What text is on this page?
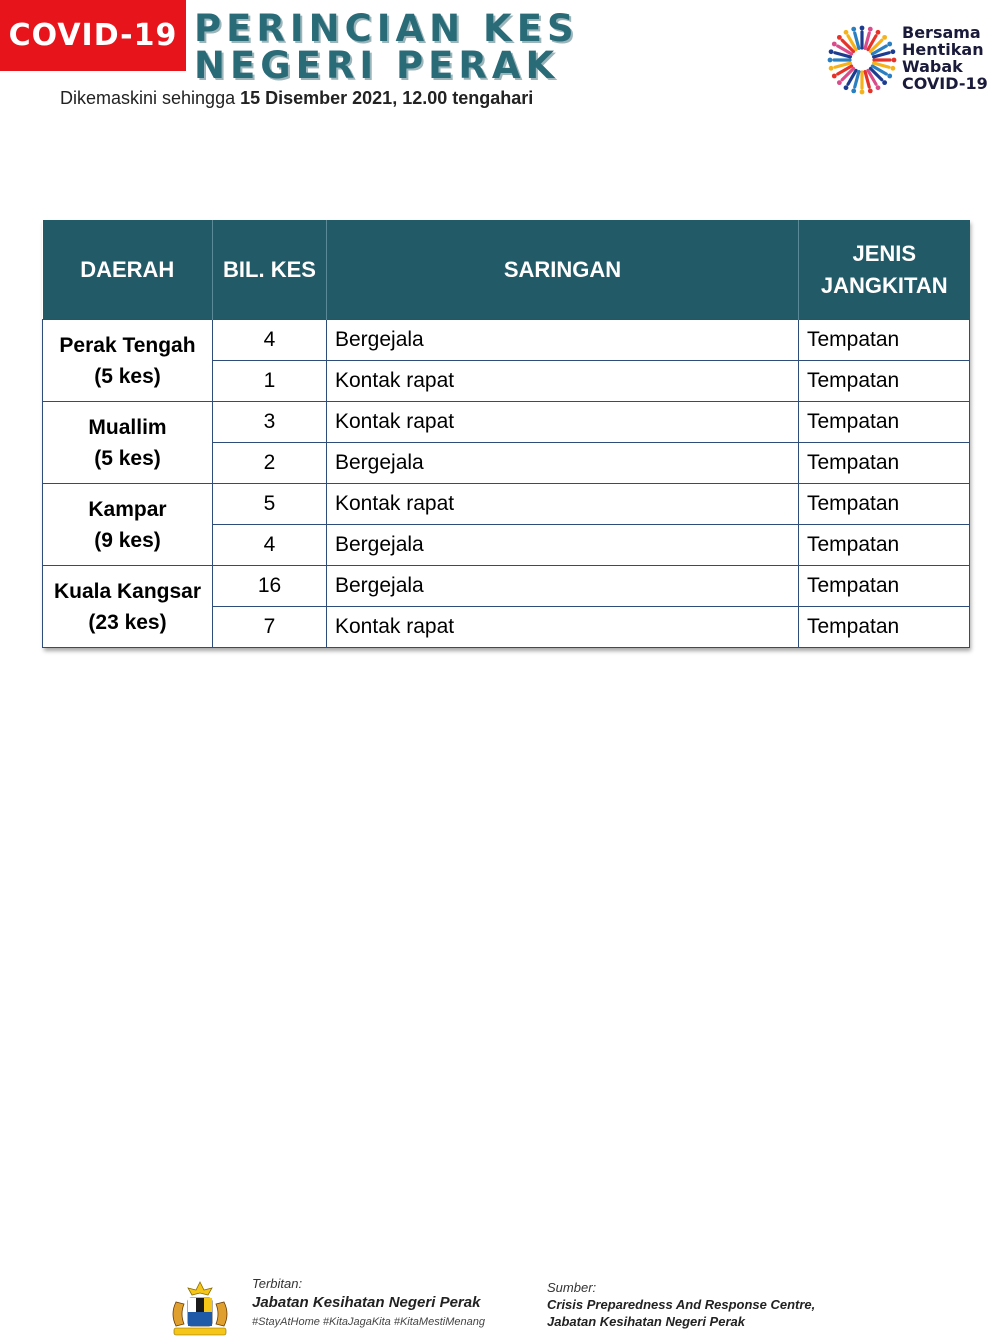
COVID-19 PERINCIAN KES
NEGERI PERAK
Dikemaskini sehingga 15 Disember 2021, 12.00 tengahari
Bersama
Hentikan
Wabak
COVID-19
DAERAH	BIL. KES	SARINGAN	JENIS
JANGKITAN
Perak Tengah
(5 kes)	4	Bergejala	Tempatan
	1	Kontak rapat	Tempatan
Muallim
(5 kes)	3	Kontak rapat	Tempatan
	2	Bergejala	Tempatan
Kampar
(9 kes)	5	Kontak rapat	Tempatan
	4	Bergejala	Tempatan
Kuala Kangsar
(23 kes)	16	Bergejala	Tempatan
	7	Kontak rapat	Tempatan
Terbitan:
Jabatan Kesihatan Negeri Perak
#StayAtHome #KitaJagaKita #KitaMestiMenang
Sumber:
Crisis Preparedness And Response Centre,
Jabatan Kesihatan Negeri Perak
